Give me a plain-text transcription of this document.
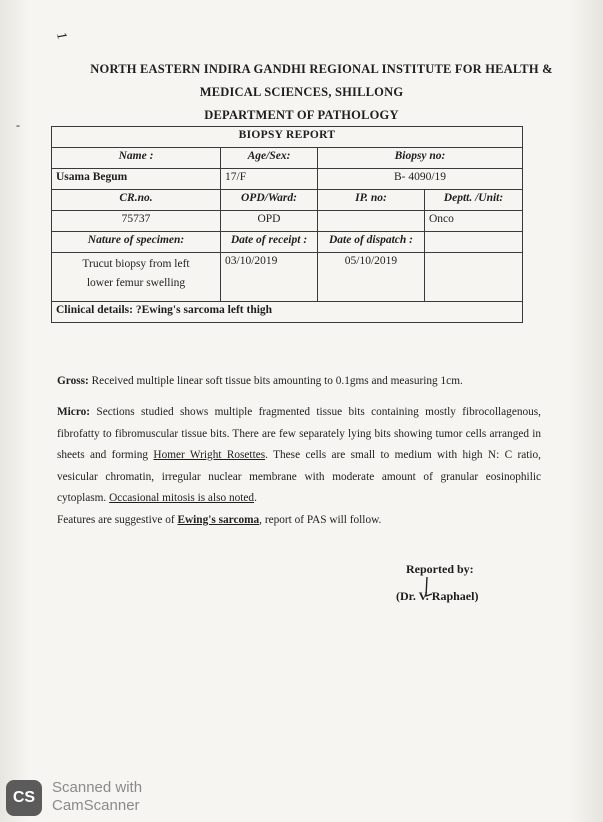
1
-
NORTH EASTERN INDIRA GANDHI REGIONAL INSTITUTE FOR HEALTH &
MEDICAL SCIENCES, SHILLONG
DEPARTMENT OF PATHOLOGY
BIOPSY REPORT			
Name :	Age/Sex:	Biopsy no:	
Usama Begum	17/F	B- 4090/19	
CR.no.	OPD/Ward:	IP. no:	Deptt. /Unit:
75737	OPD		Onco
Nature of specimen:	Date of receipt :	Date of dispatch :	
Trucut biopsy from left
lower femur swelling	03/10/2019	05/10/2019	
Clinical details: ?Ewing's sarcoma left thigh			
Gross: Received multiple linear soft tissue bits amounting to 0.1gms and measuring 1cm.
Micro: Sections studied shows multiple fragmented tissue bits containing mostly fibrocollagenous, fibrofatty to fibromuscular tissue bits. There are few separately lying bits showing tumor cells arranged in sheets and forming Homer Wright Rosettes. These cells are small to medium with high N: C ratio, vesicular chromatin, irregular nuclear membrane with moderate amount of granular eosinophilic cytoplasm. Occasional mitosis is also noted.
Features are suggestive of Ewing's sarcoma, report of PAS will follow.
Reported by:
(Dr. V. Raphael)
CS
Scanned with
CamScanner
